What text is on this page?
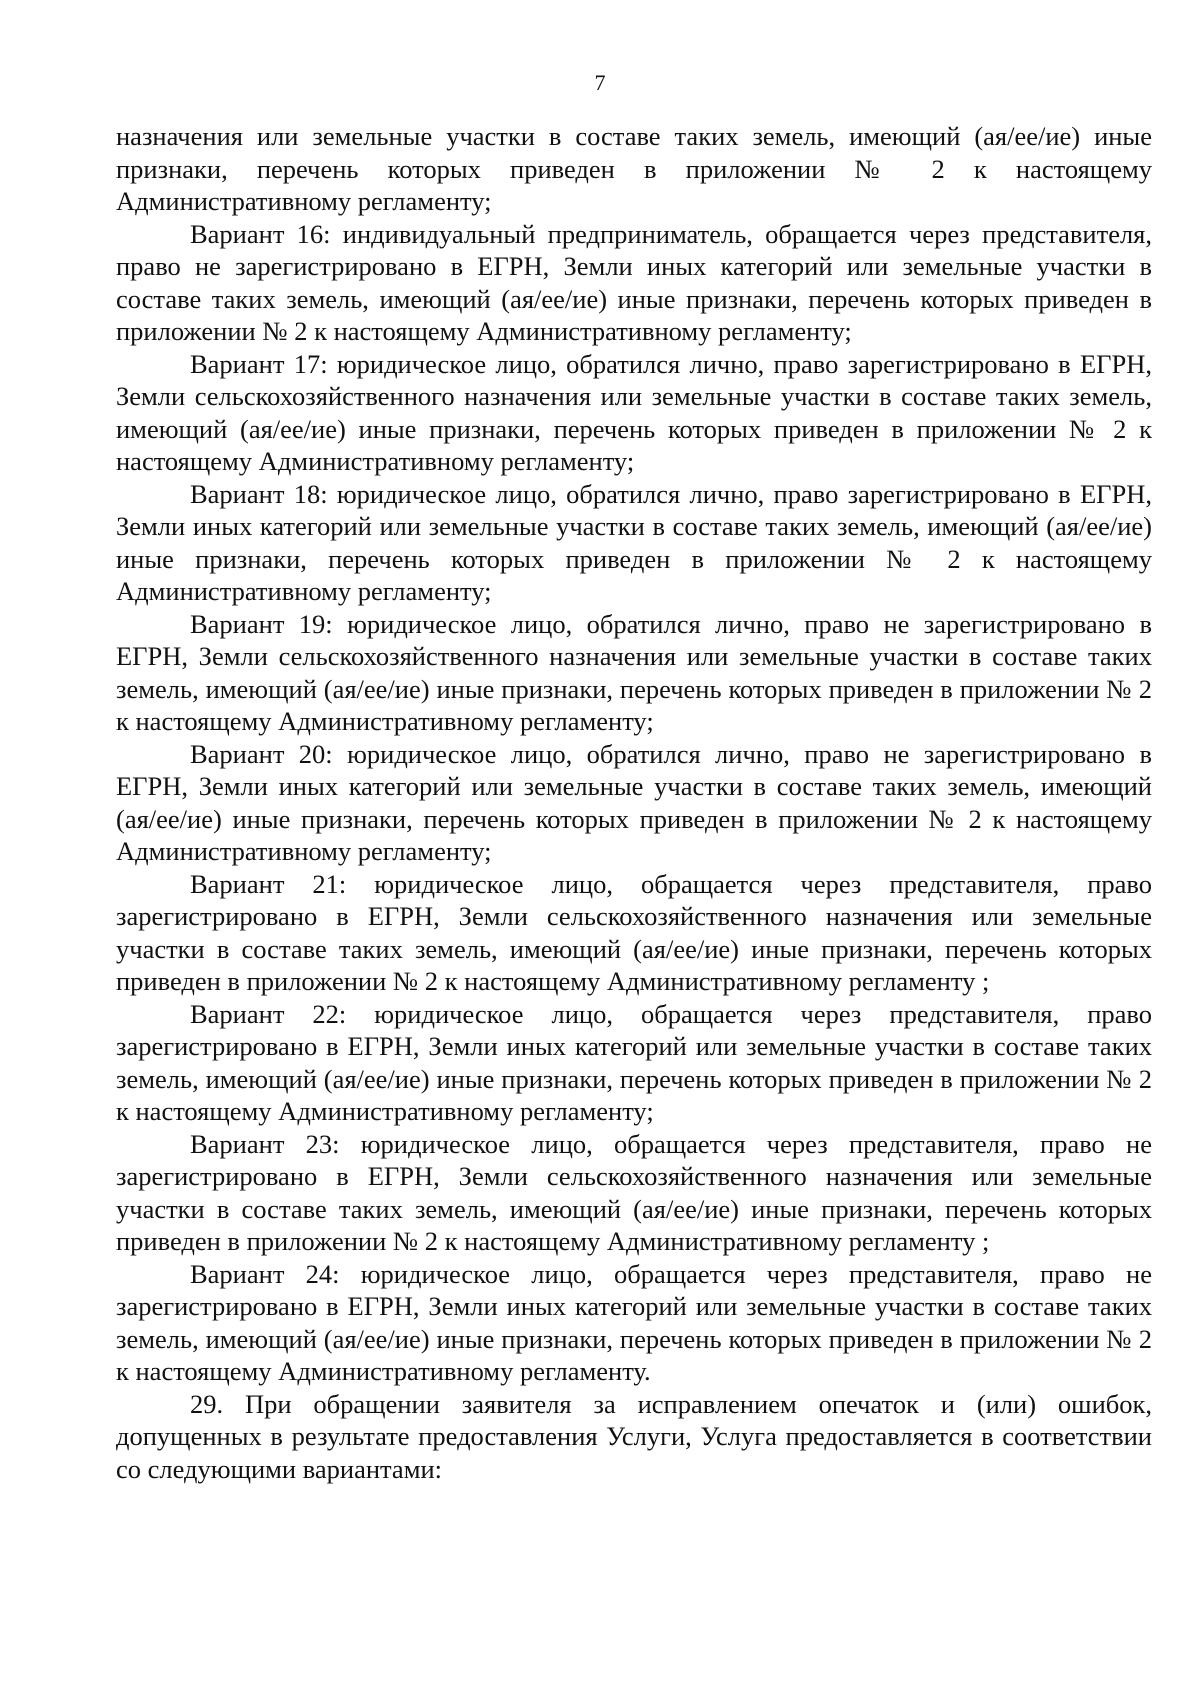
7

назначения или земельные участки в составе таких земель, имеющий (ая/ее/ие) иные признаки, перечень которых приведен в приложении № 2 к настоящему Административному регламенту;

Вариант 16: индивидуальный предприниматель, обращается через представителя, право не зарегистрировано в ЕГРН, Земли иных категорий или земельные участки в составе таких земель, имеющий (ая/ее/ие) иные признаки, перечень которых приведен в приложении № 2 к настоящему Административному регламенту;

Вариант 17: юридическое лицо, обратился лично, право зарегистрировано в ЕГРН, Земли сельскохозяйственного назначения или земельные участки в составе таких земель, имеющий (ая/ее/ие) иные признаки, перечень которых приведен в приложении № 2 к настоящему Административному регламенту;

Вариант 18: юридическое лицо, обратился лично, право зарегистрировано в ЕГРН, Земли иных категорий или земельные участки в составе таких земель, имеющий (ая/ее/ие) иные признаки, перечень которых приведен в приложении № 2 к настоящему Административному регламенту;

Вариант 19: юридическое лицо, обратился лично, право не зарегистрировано в ЕГРН, Земли сельскохозяйственного назначения или земельные участки в составе таких земель, имеющий (ая/ее/ие) иные признаки, перечень которых приведен в приложении № 2 к настоящему Административному регламенту;

Вариант 20: юридическое лицо, обратился лично, право не зарегистрировано в ЕГРН, Земли иных категорий или земельные участки в составе таких земель, имеющий (ая/ее/ие) иные признаки, перечень которых приведен в приложении № 2 к настоящему Административному регламенту;

Вариант 21: юридическое лицо, обращается через представителя, право зарегистрировано в ЕГРН, Земли сельскохозяйственного назначения или земельные участки в составе таких земель, имеющий (ая/ее/ие) иные признаки, перечень которых приведен в приложении № 2 к настоящему Административному регламенту ;

Вариант 22: юридическое лицо, обращается через представителя, право зарегистрировано в ЕГРН, Земли иных категорий или земельные участки в составе таких земель, имеющий (ая/ее/ие) иные признаки, перечень которых приведен в приложении № 2 к настоящему Административному регламенту;

Вариант 23: юридическое лицо, обращается через представителя, право не зарегистрировано в ЕГРН, Земли сельскохозяйственного назначения или земельные участки в составе таких земель, имеющий (ая/ее/ие) иные признаки, перечень которых приведен в приложении № 2 к настоящему Административному регламенту ;

Вариант 24: юридическое лицо, обращается через представителя, право не зарегистрировано в ЕГРН, Земли иных категорий или земельные участки в составе таких земель, имеющий (ая/ее/ие) иные признаки, перечень которых приведен в приложении № 2 к настоящему Административному регламенту.

29. При обращении заявителя за исправлением опечаток и (или) ошибок, допущенных в результате предоставления Услуги, Услуга предоставляется в соответствии со следующими вариантами:
